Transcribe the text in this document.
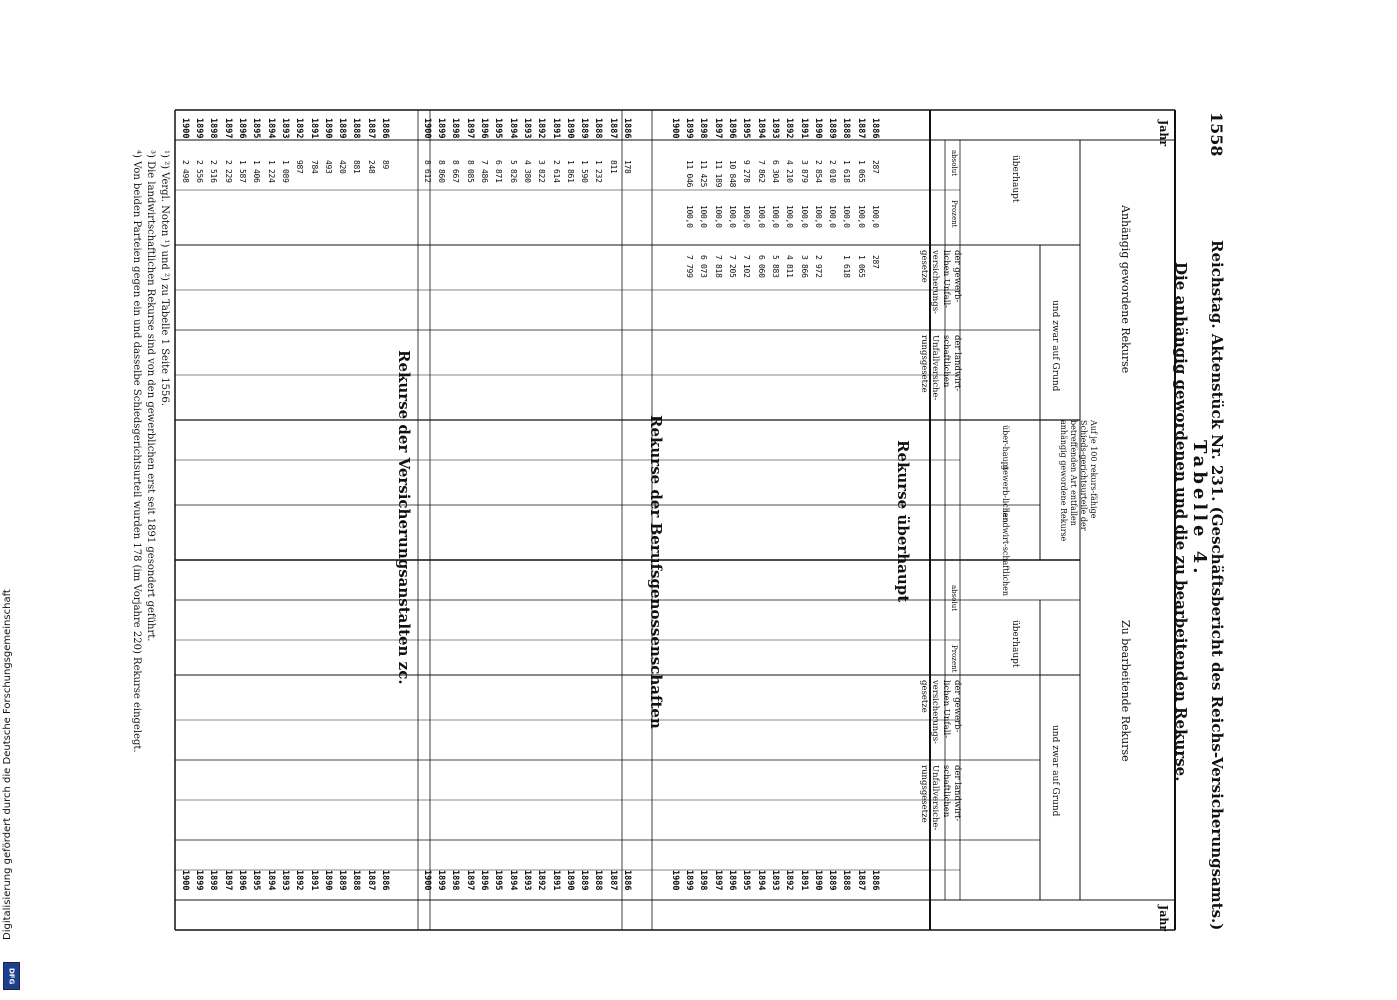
1558
Reichstag. Aktenstück Nr. 231. (Geschäftsbericht des Reichs-Versicherungsamts.)
Tabelle 4.
Die anhängig gewordenen und die zu bearbeitenden Rekurse.
Jahr
Jahr
Anhängig gewordene Rekurse
Zu bearbeitende Rekurse
überhaupt
überhaupt
und zwar auf Grund
und zwar auf Grund
Auf je 100 rekurs-fähige Schieds-gerichtsurteile der betreffenden Art entfallen anhängig gewordene Rekurse
der gewerb-lichen Unfall-versicherungs-gesetze
der landwirt-schaftlichen Unfallversiche-rungsgesetze
der gewerb-lichen Unfall-versicherungs-gesetze
der landwirt-schaftlichen Unfallversiche-rungsgesetze
über-haupt
gewerb-lichen
landwirt-schaftlichen
absolut
Prozent
absolut
Prozent
Rekurse überhaupt
Rekurse der Berufsgenossenschaften
Rekurse der Versicherungsanstalten zc.
¹) ²) Vergl. Noten ¹) und ²) zu Tabelle 1 Seite 1556.
³) Die landwirtschaftlichen Rekurse sind von den gewerblichen erst seit 1891 gesondert geführt.
⁴) Von beiden Parteien gegen ein und dasselbe Schiedsgerichtsurteil wurden 178 (im Vorjahre 220) Rekurse eingelegt.
Digitalisierung gefördert durch die Deutsche Forschungsgemeinschaft
DFG
1886
1887
1888
1889
1890
1891
1892
1893
1894
1895
1896
1897
1898
1899
1900
1886
1887
1888
1889
1890
1891
1892
1893
1894
1895
1896
1897
1898
1899
1900
1886
1887
1888
1889
1890
1891
1892
1893
1894
1895
1896
1897
1898
1899
1900
1886
1887
1888
1889
1890
1891
1892
1893
1894
1895
1896
1897
1898
1899
1900
1886
1887
1888
1889
1890
1891
1892
1893
1894
1895
1896
1897
1898
1899
1900
1886
1887
1888
1889
1890
1891
1892
1893
1894
1895
1896
1897
1898
1899
1900
287
1 065
1 618
2 010
2 854
3 879
4 210
6 304
7 862
9 278
10 848
11 189
11 425
11 046
100,0
100,0
100,0
100,0
100,0
100,0
100,0
100,0
100,0
100,0
100,0
100,0
100,0
100,0
287
1 065
1 618
2 972
3 866
4 811
5 883
6 060
7 102
7 205
7 818
6 073
7 799
178
811
1 232
1 590
1 861
2 614
3 822
4 380
5 826
6 871
7 486
8 085
8 667
8 860
8 612
89
248
881
420
493
784
987
1 089
1 224
1 406
1 587
2 229
2 516
2 556
2 498
